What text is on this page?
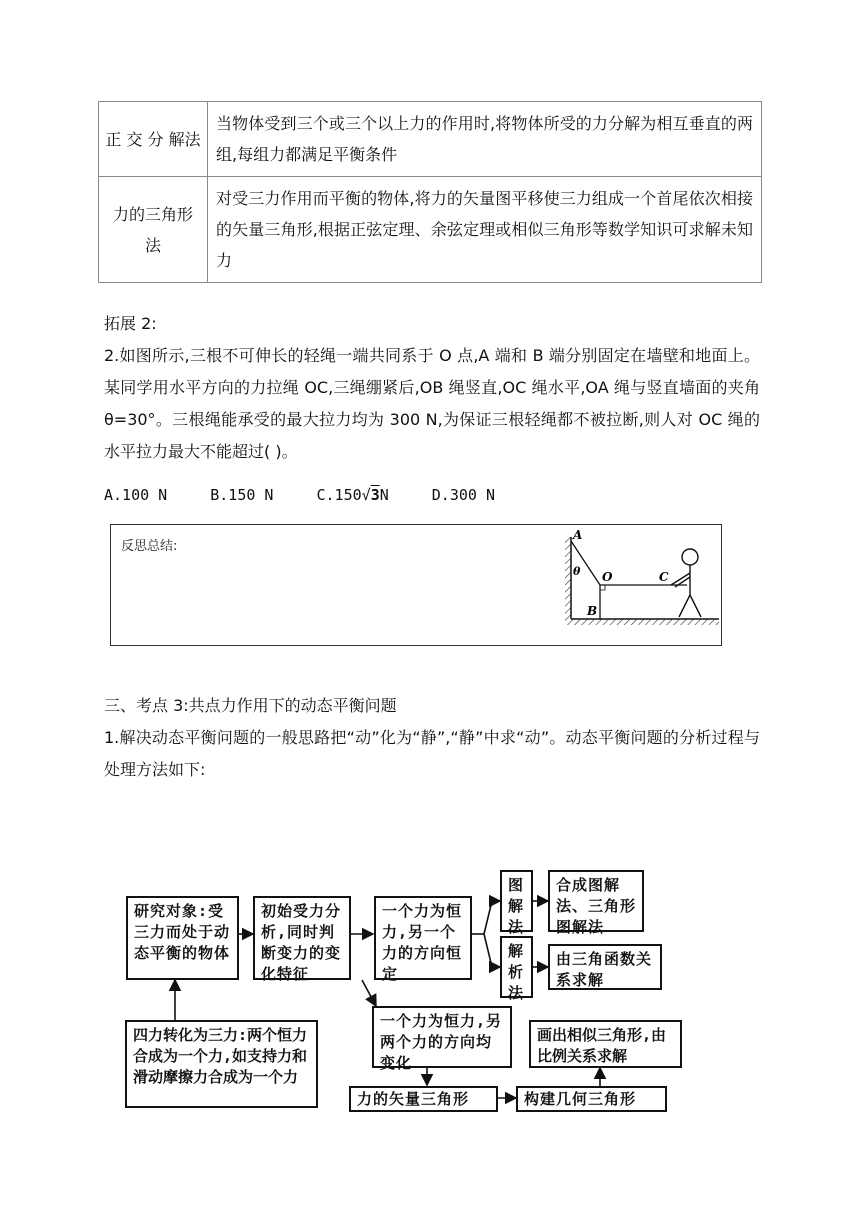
正 交 分 解法	当物体受到三个或三个以上力的作用时,将物体所受的力分解为相互垂直的两组,每组力都满足平衡条件
力的三角形法	对受三力作用而平衡的物体,将力的矢量图平移使三力组成一个首尾依次相接的矢量三角形,根据正弦定理、余弦定理或相似三角形等数学知识可求解未知力
拓展 2:
2.如图所示,三根不可伸长的轻绳一端共同系于 O 点,A 端和 B 端分别固定在墙壁和地面上。某同学用水平方向的力拉绳 OC,三绳绷紧后,OB 绳竖直,OC 绳水平,OA 绳与竖直墙面的夹角 θ=30°。三根绳能承受的最大拉力均为 300 N,为保证三根轻绳都不被拉断,则人对 OC 绳的水平拉力最大不能超过( )。
A.100 N	B.150 N	C.150√3N	D.300 N
反思总结:
A
θ O	C
B
三、考点 3:共点力作用下的动态平衡问题
1.解决动态平衡问题的一般思路把“动”化为“静”,“静”中求“动”。动态平衡问题的分析过程与处理方法如下:
研究对象:受三力而处于动态平衡的物体
初始受力分析,同时判断变力的变化特征
一个力为恒力,另一个力的方向恒定
图解法
合成图解法、三角形图解法
解析法
由三角函数关系求解
四力转化为三力:两个恒力合成为一个力,如支持力和滑动摩擦力合成为一个力
一个力为恒力,另两个力的方向均变化
画出相似三角形,由比例关系求解
力的矢量三角形	构建几何三角形
